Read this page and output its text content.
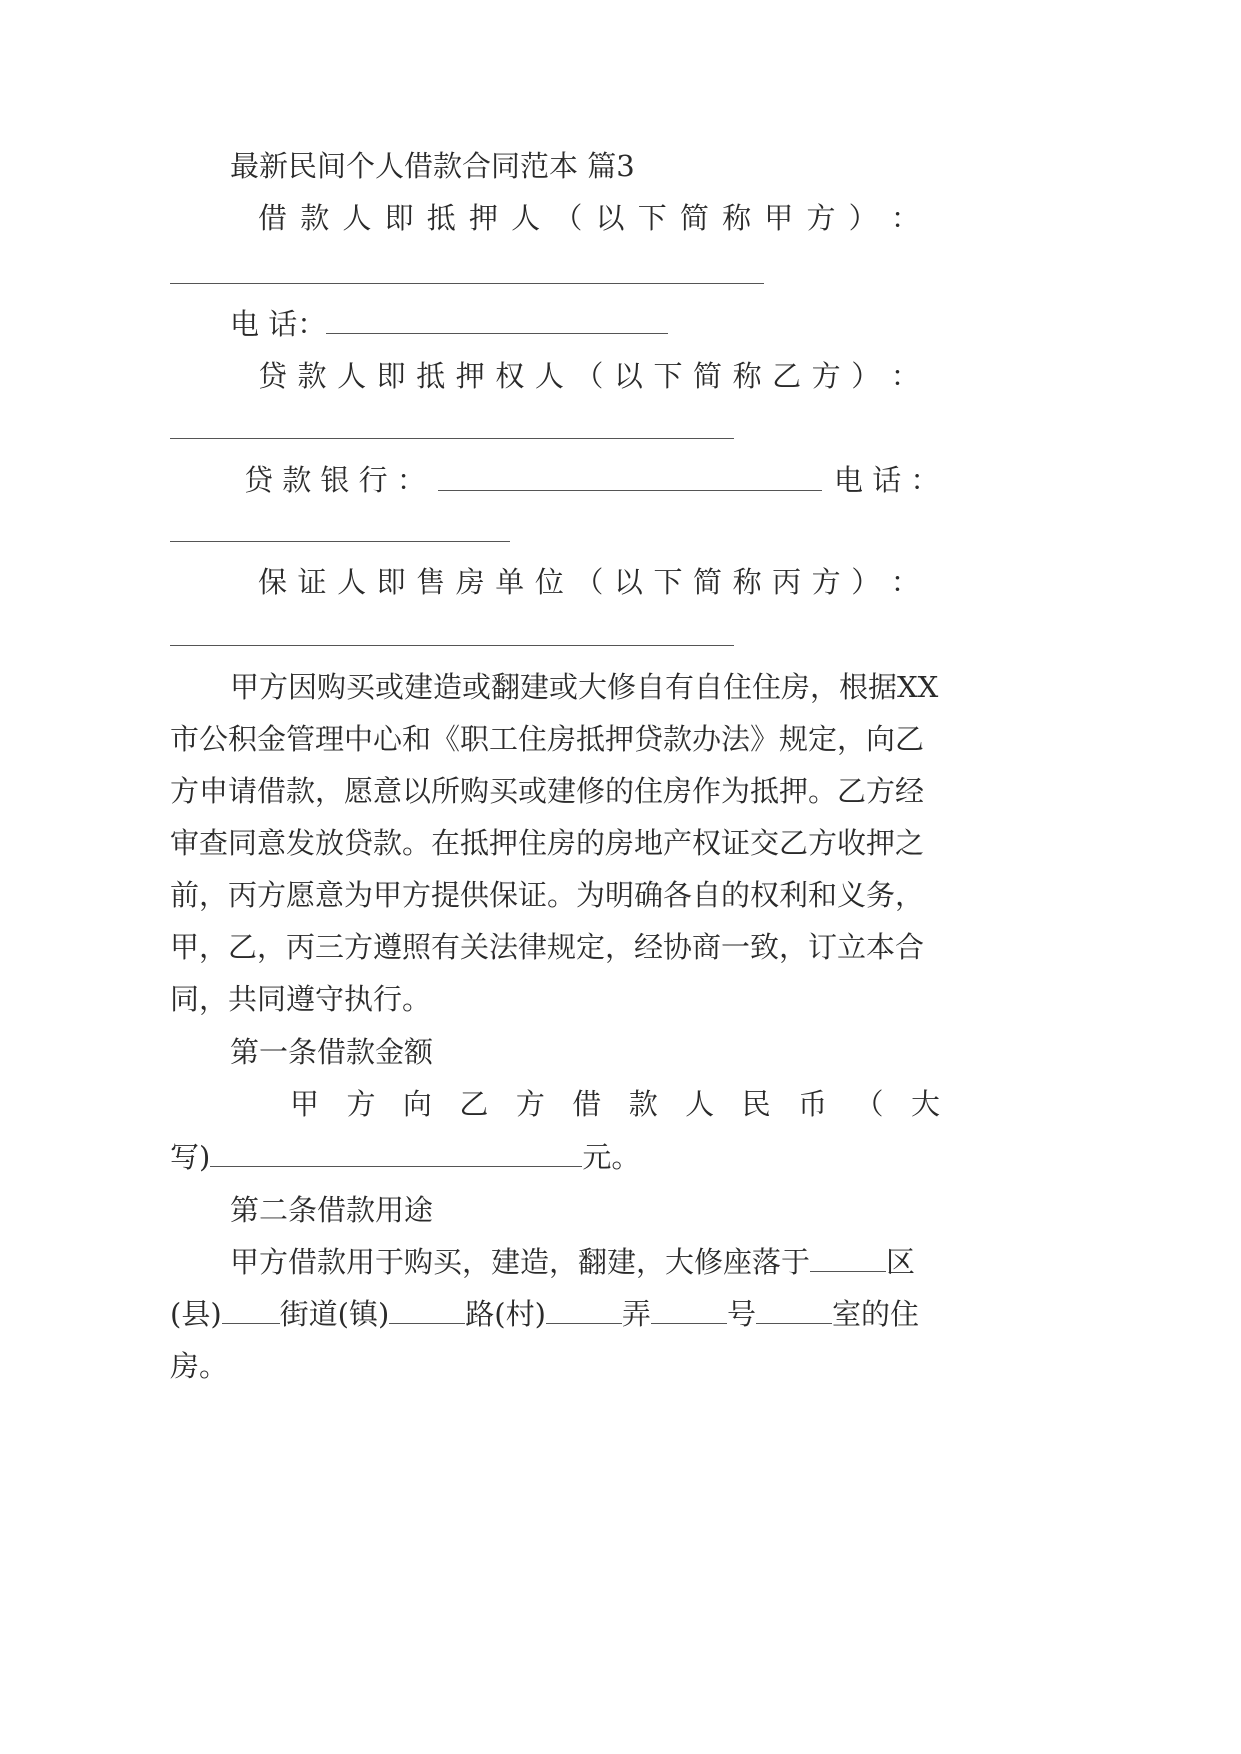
最新民间个人借款合同范本 篇3
借 款 人 即 抵 押 人 （ 以 下 简 称 甲 方 ） ：
电 话：
贷 款 人 即 抵 押 权 人 （ 以 下 简 称 乙 方 ） ：
贷 款 银 行 ：	电 话 ：
保 证 人 即 售 房 单 位 （ 以 下 简 称 丙 方 ） ：
甲方因购买或建造或翻建或大修自有自住住房，根据XX
市公积金管理中心和《职工住房抵押贷款办法》规定，向乙
方申请借款，愿意以所购买或建修的住房作为抵押。乙方经
审查同意发放贷款。在抵押住房的房地产权证交乙方收押之
前，丙方愿意为甲方提供保证。为明确各自的权利和义务，
甲，乙，丙三方遵照有关法律规定，经协商一致，订立本合
同，共同遵守执行。
第一条借款金额
甲 方 向 乙 方 借 款 人 民 币 （ 大
写)	元。
第二条借款用途
甲方借款用于购买，建造，翻建，大修座落于	区
(县) 街道(镇)	路(村)	弄	号	室的住
房。
